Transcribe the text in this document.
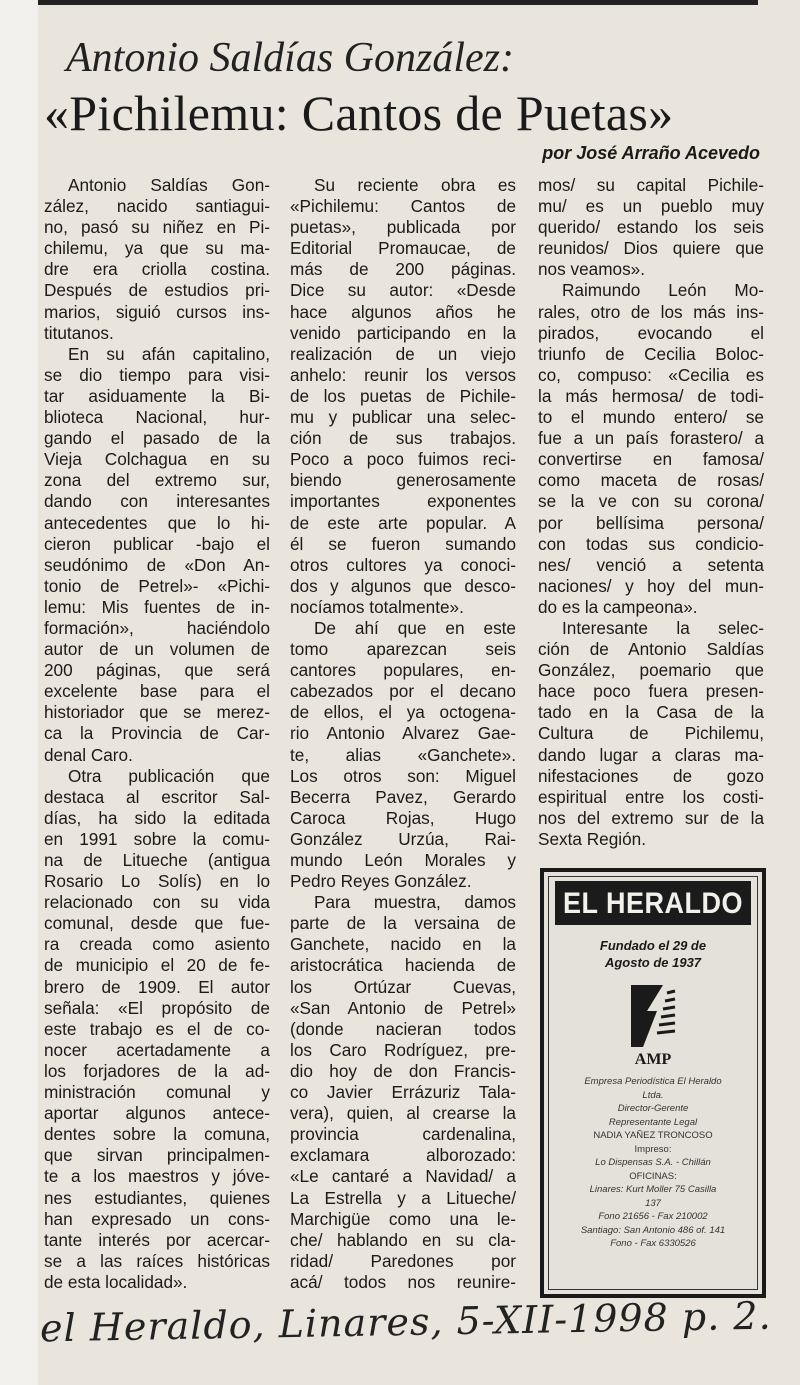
Antonio Saldías González:
«Pichilemu: Cantos de Puetas»
por José Arraño Acevedo
Antonio Saldías Gon-
zález, nacido santiagui-
no, pasó su niñez en Pi-
chilemu, ya que su ma-
dre era criolla costina.
Después de estudios pri-
marios, siguió cursos ins-
titutanos.
En su afán capitalino,
se dio tiempo para visi-
tar asiduamente la Bi-
blioteca Nacional, hur-
gando el pasado de la
Vieja Colchagua en su
zona del extremo sur,
dando con interesantes
antecedentes que lo hi-
cieron publicar -bajo el
seudónimo de «Don An-
tonio de Petrel»- «Pichi-
lemu: Mis fuentes de in-
formación», haciéndolo
autor de un volumen de
200 páginas, que será
excelente base para el
historiador que se merez-
ca la Provincia de Car-
denal Caro.
Otra publicación que
destaca al escritor Sal-
días, ha sido la editada
en 1991 sobre la comu-
na de Litueche (antigua
Rosario Lo Solís) en lo
relacionado con su vida
comunal, desde que fue-
ra creada como asiento
de municipio el 20 de fe-
brero de 1909. El autor
señala: «El propósito de
este trabajo es el de co-
nocer acertadamente a
los forjadores de la ad-
ministración comunal y
aportar algunos antece-
dentes sobre la comuna,
que sirvan principalmen-
te a los maestros y jóve-
nes estudiantes, quienes
han expresado un cons-
tante interés por acercar-
se a las raíces históricas
de esta localidad».
Su reciente obra es
«Pichilemu: Cantos de
puetas», publicada por
Editorial Promaucae, de
más de 200 páginas.
Dice su autor: «Desde
hace algunos años he
venido participando en la
realización de un viejo
anhelo: reunir los versos
de los puetas de Pichile-
mu y publicar una selec-
ción de sus trabajos.
Poco a poco fuimos reci-
biendo generosamente
importantes exponentes
de este arte popular. A
él se fueron sumando
otros cultores ya conoci-
dos y algunos que desco-
nocíamos totalmente».
De ahí que en este
tomo aparezcan seis
cantores populares, en-
cabezados por el decano
de ellos, el ya octogena-
rio Antonio Alvarez Gae-
te, alias «Ganchete».
Los otros son: Miguel
Becerra Pavez, Gerardo
Caroca Rojas, Hugo
González Urzúa, Rai-
mundo León Morales y
Pedro Reyes González.
Para muestra, damos
parte de la versaina de
Ganchete, nacido en la
aristocrática hacienda de
los Ortúzar Cuevas,
«San Antonio de Petrel»
(donde nacieran todos
los Caro Rodríguez, pre-
dio hoy de don Francis-
co Javier Errázuriz Tala-
vera), quien, al crearse la
provincia cardenalina,
exclamara alborozado:
«Le cantaré a Navidad/ a
La Estrella y a Litueche/
Marchigüe como una le-
che/ hablando en su cla-
ridad/ Paredones por
acá/ todos nos reunire-
mos/ su capital Pichile-
mu/ es un pueblo muy
querido/ estando los seis
reunidos/ Dios quiere que
nos veamos».
Raimundo León Mo-
rales, otro de los más ins-
pirados, evocando el
triunfo de Cecilia Boloc-
co, compuso: «Cecilia es
la más hermosa/ de todi-
to el mundo entero/ se
fue a un país forastero/ a
convertirse en famosa/
como maceta de rosas/
se la ve con su corona/
por bellísima persona/
con todas sus condicio-
nes/ venció a setenta
naciones/ y hoy del mun-
do es la campeona».
Interesante la selec-
ción de Antonio Saldías
González, poemario que
hace poco fuera presen-
tado en la Casa de la
Cultura de Pichilemu,
dando lugar a claras ma-
nifestaciones de gozo
espiritual entre los costi-
nos del extremo sur de la
Sexta Región.
EL HERALDO
Fundado el 29 de
Agosto de 1937
AMP
Empresa Periodística El Heraldo
Ltda.
Director-Gerente
Representante Legal
NADIA YAÑEZ TRONCOSO
Impreso:
Lo Dispensas S.A. - Chillán
OFICINAS:
Linares: Kurt Moller 75 Casilla
137
Fono 21656 - Fax 210002
Santiago: San Antonio 486 of. 141
Fono - Fax 6330526
el Heraldo, Linares, 5-XII-1998 p. 2.
